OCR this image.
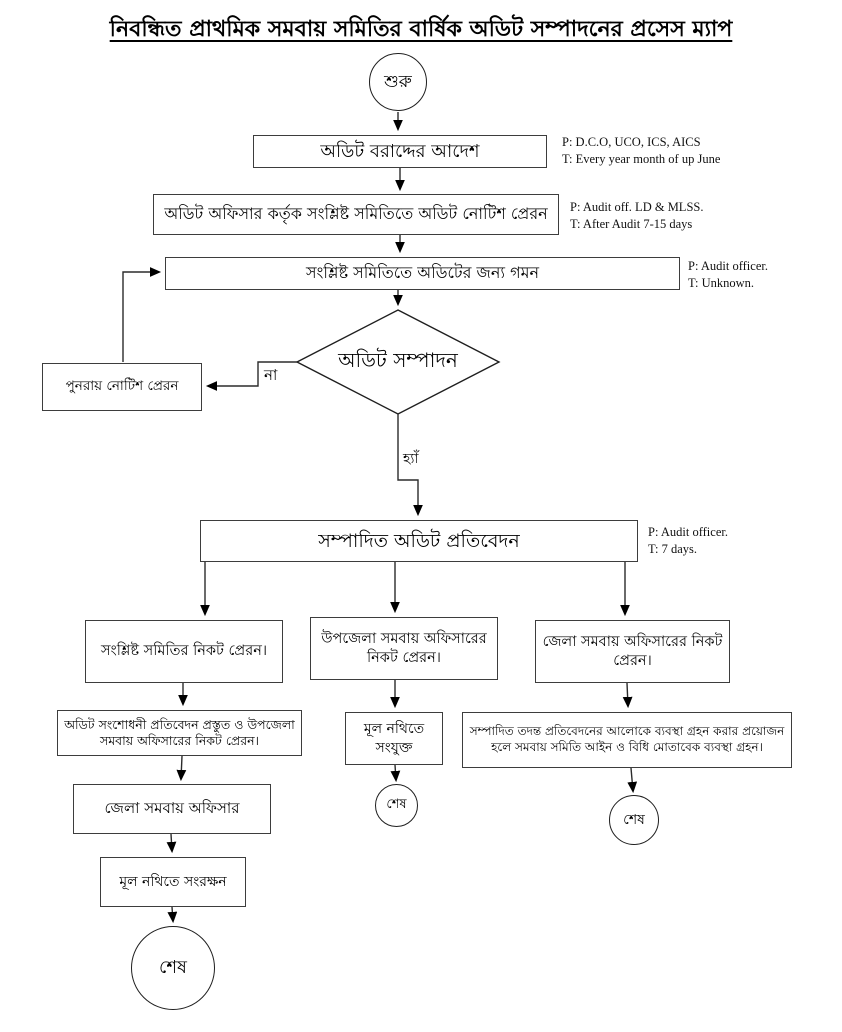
নিবন্ধিত প্রাথমিক সমবায় সমিতির বার্ষিক অডিট সম্পাদনের প্রসেস ম্যাপ
শুরু
অডিট বরাদ্দের আদেশ
অডিট অফিসার কর্তৃক সংশ্লিষ্ট সমিতিতে অডিট নোটিশ প্রেরন
সংশ্লিষ্ট সমিতিতে অডিটের জন্য গমন
অডিট সম্পাদন
পুনরায় নোটিশ প্রেরন
সম্পাদিত অডিট প্রতিবেদন
সংশ্লিষ্ট সমিতির নিকট প্রেরন।
উপজেলা সমবায় অফিসারের নিকট প্রেরন।
জেলা সমবায় অফিসারের নিকট প্রেরন।
অডিট সংশোধনী প্রতিবেদন প্রস্তুত ও উপজেলা সমবায় অফিসারের নিকট প্রেরন।
জেলা সমবায় অফিসার
মূল নথিতে সংরক্ষন
শেষ
মূল নথিতে সংযুক্ত
শেষ
সম্পাদিত তদন্ত প্রতিবেদনের আলোকে ব্যবস্থা গ্রহন করার প্রয়োজন হলে সমবায় সমিতি আইন ও বিধি মোতাবেক ব্যবস্থা গ্রহন।
শেষ
না
হ্যাঁ
P: D.C.O, UCO, ICS, AICS
T: Every year month of up June
P: Audit off. LD & MLSS.
T: After Audit 7-15 days
P: Audit officer.
T: Unknown.
P: Audit officer.
T: 7 days.
